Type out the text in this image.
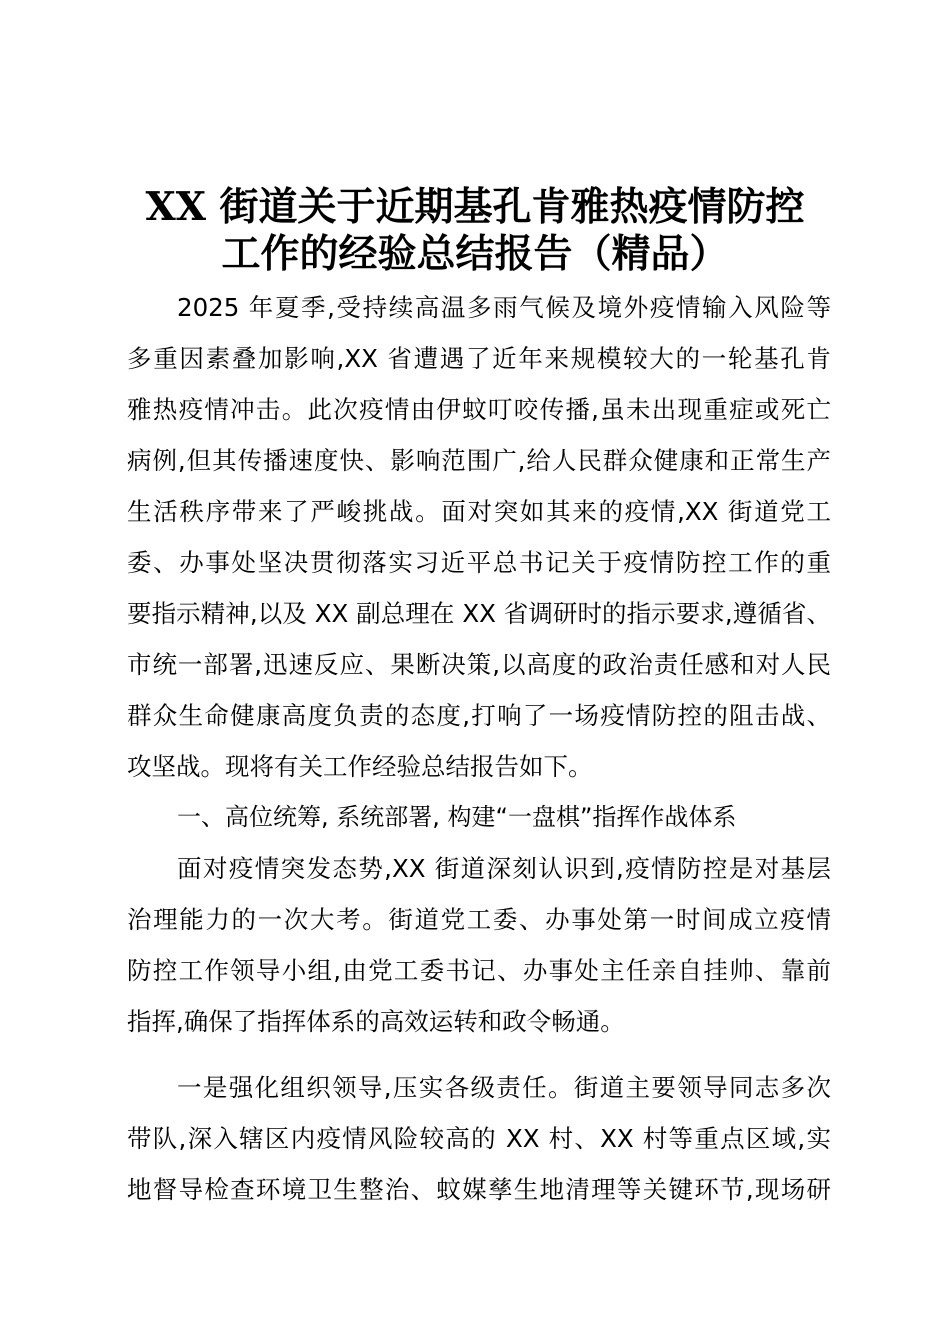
XX 街道关于近期基孔肯雅热疫情防控
工作的经验总结报告（精品）
2025 年夏季,受持续高温多雨气候及境外疫情输入风险等
多重因素叠加影响,XX 省遭遇了近年来规模较大的一轮基孔肯
雅热疫情冲击。此次疫情由伊蚊叮咬传播,虽未出现重症或死亡
病例,但其传播速度快、影响范围广,给人民群众健康和正常生产
生活秩序带来了严峻挑战。面对突如其来的疫情,XX 街道党工
委、办事处坚决贯彻落实习近平总书记关于疫情防控工作的重
要指示精神,以及 XX 副总理在 XX 省调研时的指示要求,遵循省、
市统一部署,迅速反应、果断决策,以高度的政治责任感和对人民
群众生命健康高度负责的态度,打响了一场疫情防控的阻击战、
攻坚战。现将有关工作经验总结报告如下。
一、高位统筹, 系统部署, 构建“一盘棋”指挥作战体系
面对疫情突发态势,XX 街道深刻认识到,疫情防控是对基层
治理能力的一次大考。街道党工委、办事处第一时间成立疫情
防控工作领导小组,由党工委书记、办事处主任亲自挂帅、靠前
指挥,确保了指挥体系的高效运转和政令畅通。
一是强化组织领导,压实各级责任。街道主要领导同志多次
带队,深入辖区内疫情风险较高的 XX 村、XX 村等重点区域,实
地督导检查环境卫生整治、蚊媒孳生地清理等关键环节,现场研
